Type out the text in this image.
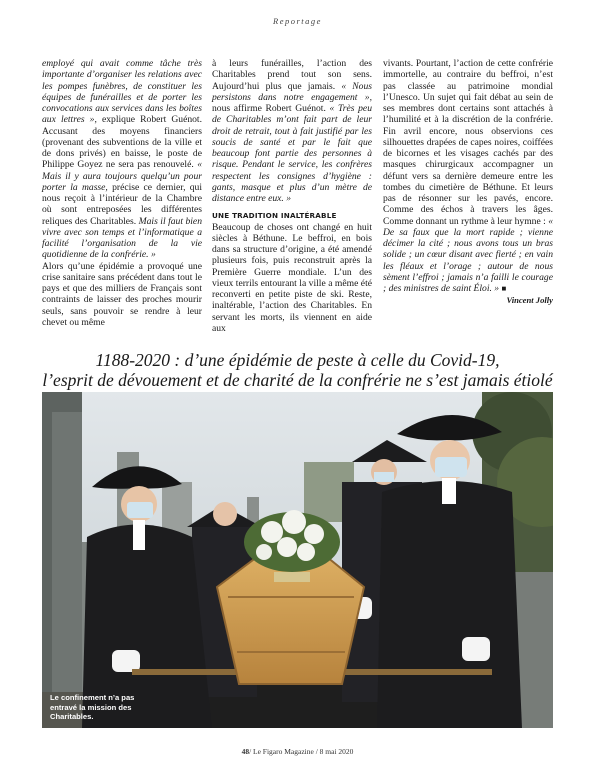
Reportage

employé qui avait comme tâche très importante d’organiser les relations avec les pompes funèbres, de constituer les équipes de funérailles et de porter les convocations aux services dans les boîtes aux lettres », explique Robert Guénot. Accusant des moyens financiers (provenant des subventions de la ville et de dons privés) en baisse, le poste de Philippe Goyez ne sera pas renouvelé. « Mais il y aura toujours quelqu’un pour porter la masse, précise ce dernier, qui nous reçoit à l’intérieur de la Chambre où sont entreposées les différentes reliques des Charitables. Mais il faut bien vivre avec son temps et l’informatique a facilité l’organisation de la vie quotidienne de la confrérie. »

Alors qu’une épidémie a provoqué une crise sanitaire sans précédent dans tout le pays et que des milliers de Français sont contraints de laisser des proches mourir seuls, sans pouvoir se rendre à leur chevet ou même

à leurs funérailles, l’action des Charitables prend tout son sens. Aujourd’hui plus que jamais. « Nous persistons dans notre engagement », nous affirme Robert Guénot. « Très peu de Charitables m’ont fait part de leur droit de retrait, tout à fait justifié par les soucis de santé et par le fait que beaucoup font partie des personnes à risque. Pendant le service, les confrères respectent les consignes d’hygiène : gants, masque et plus d’un mètre de distance entre eux. »

UNE TRADITION INALTÉRABLE

Beaucoup de choses ont changé en huit siècles à Béthune. Le beffroi, en bois dans sa structure d’origine, a été amendé plusieurs fois, puis reconstruit après la Première Guerre mondiale. L’un des vieux terrils entourant la ville a même été reconverti en petite piste de ski. Reste, inaltérable, l’action des Charitables. En servant les morts, ils viennent en aide aux

vivants. Pourtant, l’action de cette confrérie immortelle, au contraire du beffroi, n’est pas classée au patrimoine mondial l’Unesco. Un sujet qui fait débat au sein de ses membres dont certains sont attachés à l’humilité et à la discrétion de la confrérie. Fin avril encore, nous observions ces silhouettes drapées de capes noires, coiffées de bicornes et les visages cachés par des masques chirurgicaux accompagner un défunt vers sa dernière demeure entre les tombes du cimetière de Béthune. Et leurs pas de résonner sur les pavés, encore. Comme des échos à travers les âges. Comme donnant un rythme à leur hymne : « De sa faux que la mort rapide ; vienne décimer la cité ; nous avons tous un bras solide ; un cœur disant avec fierté ; en vain les fléaux et l’orage ; autour de nous sèment l’effroi ; jamais n’a failli le courage ; des ministres de saint Éloi. » ■

Vincent Jolly

1188-2020 : d’une épidémie de peste à celle du Covid-19,
l’esprit de dévouement et de charité de la confrérie ne s’est jamais étiolé
Le confinement n’a pas entravé la mission des Charitables.
48/ Le Figaro Magazine / 8 mai 2020
